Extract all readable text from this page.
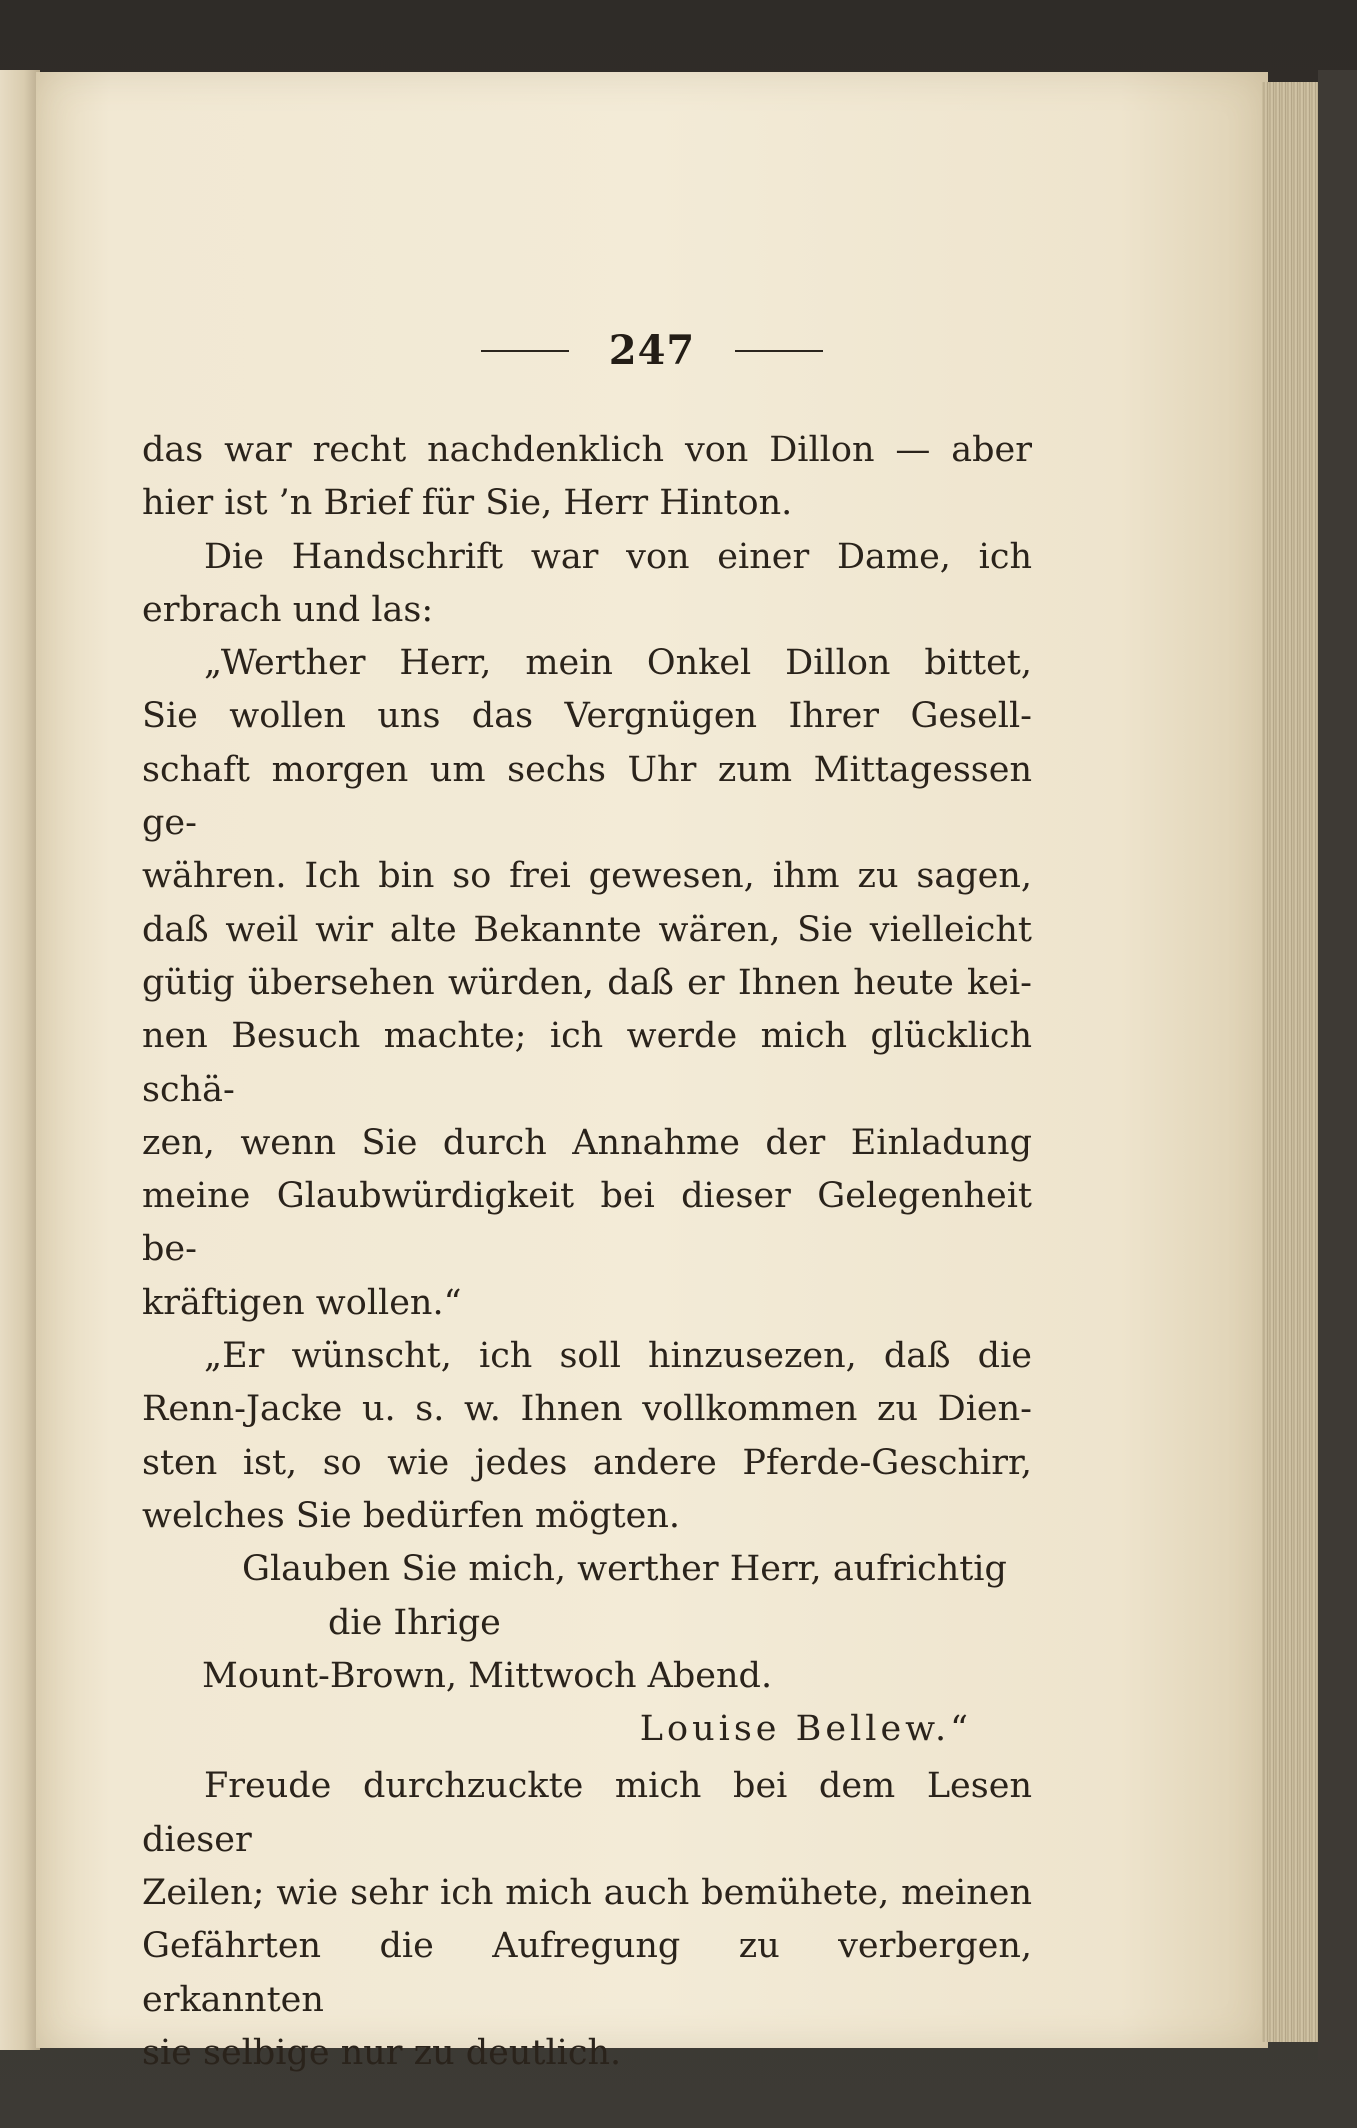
247

das war recht nachdenklich von Dillon — aber
hier ist ’n Brief für Sie, Herr Hinton.

Die Handschrift war von einer Dame, ich
erbrach und las:

„Werther Herr, mein Onkel Dillon bittet,
Sie wollen uns das Vergnügen Ihrer Gesell-
schaft morgen um sechs Uhr zum Mittagessen ge-
währen. Ich bin so frei gewesen, ihm zu sagen,
daß weil wir alte Bekannte wären, Sie vielleicht
gütig übersehen würden, daß er Ihnen heute kei-
nen Besuch machte; ich werde mich glücklich schä-
zen, wenn Sie durch Annahme der Einladung
meine Glaubwürdigkeit bei dieser Gelegenheit be-
kräftigen wollen.“

„Er wünscht, ich soll hinzusezen, daß die
Renn-Jacke u. s. w. Ihnen vollkommen zu Dien-
sten ist, so wie jedes andere Pferde-Geschirr,
welches Sie bedürfen mögten.

Glauben Sie mich, werther Herr, aufrichtig
die Ihrige
Mount-Brown, Mittwoch Abend.
Louise Bellew.“

Freude durchzuckte mich bei dem Lesen dieser
Zeilen; wie sehr ich mich auch bemühete, meinen
Gefährten die Aufregung zu verbergen, erkannten
sie selbige nur zu deutlich.
